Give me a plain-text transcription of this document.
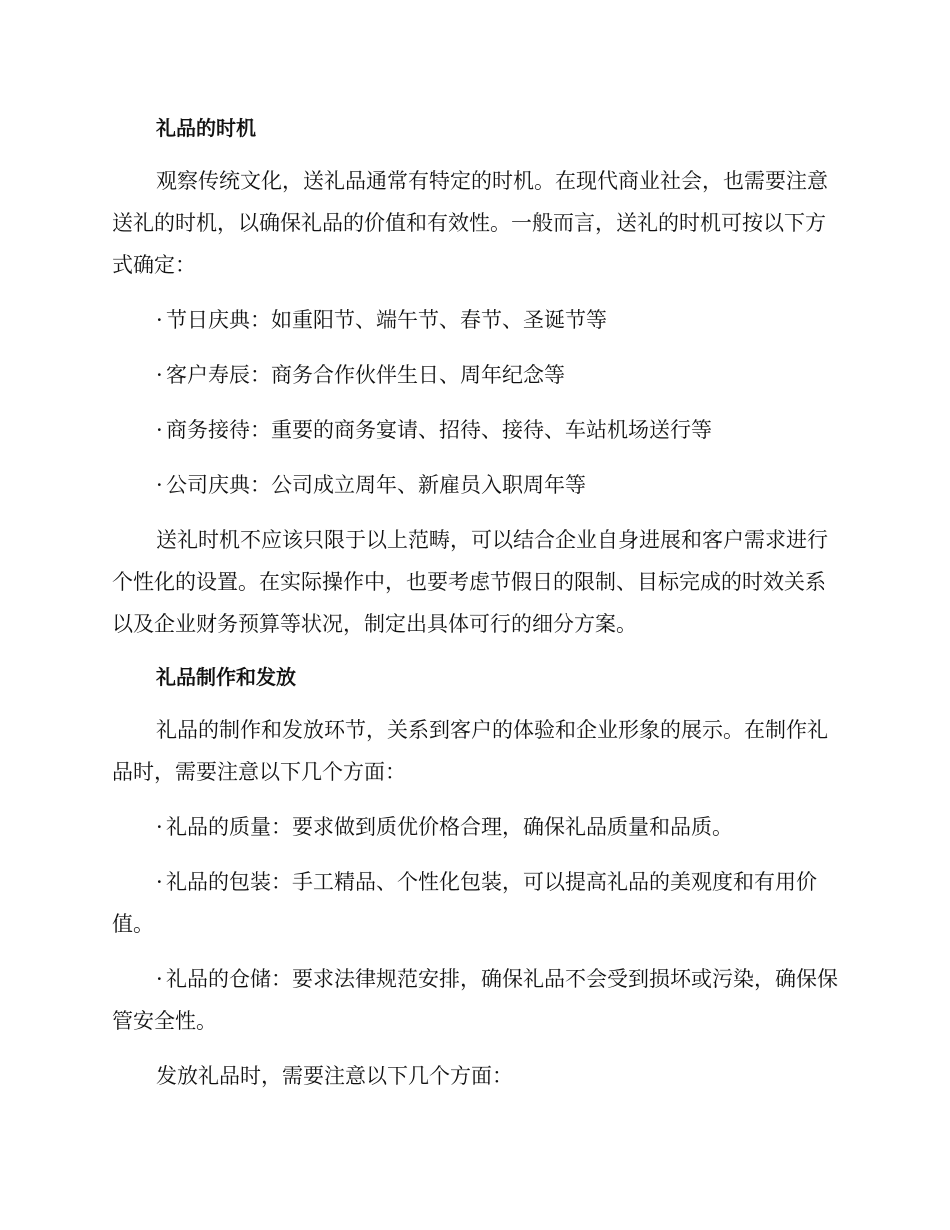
礼品的时机

观察传统文化，送礼品通常有特定的时机。在现代商业社会，也需要注意送礼的时机，以确保礼品的价值和有效性。一般而言，送礼的时机可按以下方式确定：

· 节日庆典：如重阳节、端午节、春节、圣诞节等

· 客户寿辰：商务合作伙伴生日、周年纪念等

· 商务接待：重要的商务宴请、招待、接待、车站机场送行等

· 公司庆典：公司成立周年、新雇员入职周年等

送礼时机不应该只限于以上范畴，可以结合企业自身进展和客户需求进行个性化的设置。在实际操作中，也要考虑节假日的限制、目标完成的时效关系以及企业财务预算等状况，制定出具体可行的细分方案。

礼品制作和发放

礼品的制作和发放环节，关系到客户的体验和企业形象的展示。在制作礼品时，需要注意以下几个方面：

· 礼品的质量：要求做到质优价格合理，确保礼品质量和品质。

· 礼品的包装：手工精品、个性化包装，可以提高礼品的美观度和有用价值。

· 礼品的仓储：要求法律规范安排，确保礼品不会受到损坏或污染，确保保管安全性。

发放礼品时，需要注意以下几个方面：
